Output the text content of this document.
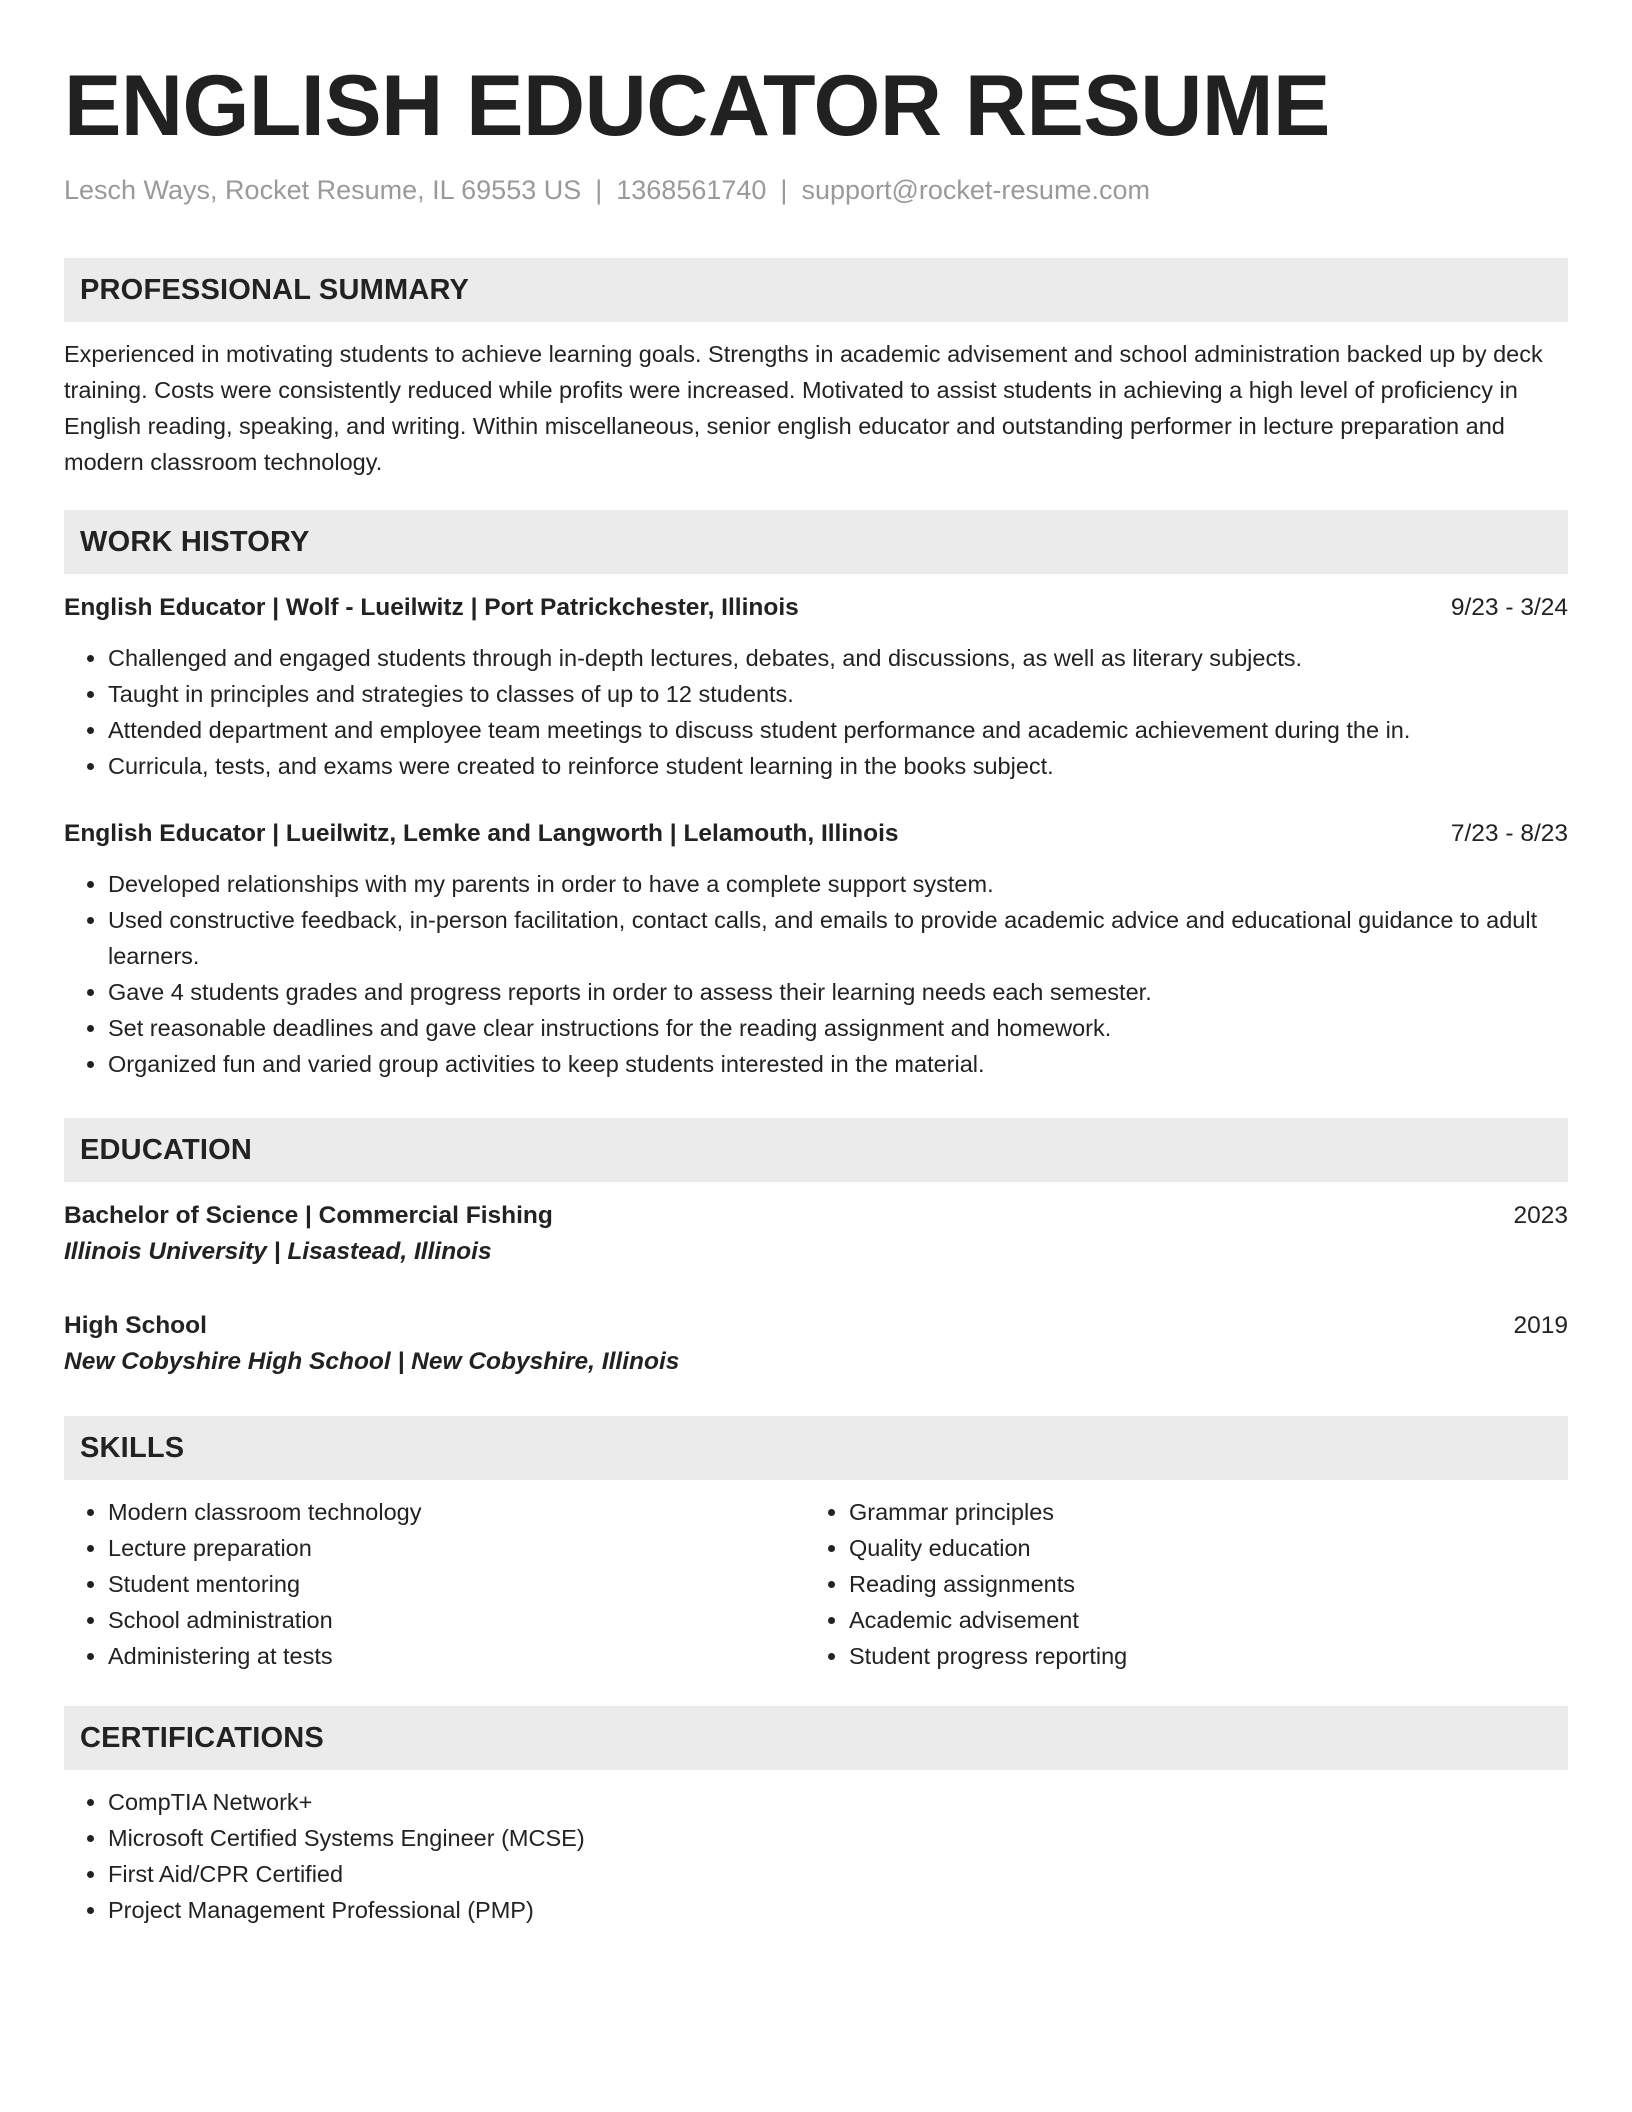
ENGLISH EDUCATOR RESUME
Lesch Ways, Rocket Resume, IL 69553 US | 1368561740 | support@rocket-resume.com
PROFESSIONAL SUMMARY

Experienced in motivating students to achieve learning goals. Strengths in academic advisement and school administration backed up by deck training. Costs were consistently reduced while profits were increased. Motivated to assist students in achieving a high level of proficiency in English reading, speaking, and writing. Within miscellaneous, senior english educator and outstanding performer in lecture preparation and modern classroom technology.

WORK HISTORY
English Educator | Wolf - Lueilwitz | Port Patrickchester, Illinois	9/23 - 3/24
• Challenged and engaged students through in-depth lectures, debates, and discussions, as well as literary subjects.
• Taught in principles and strategies to classes of up to 12 students.
• Attended department and employee team meetings to discuss student performance and academic achievement during the in.
• Curricula, tests, and exams were created to reinforce student learning in the books subject.
English Educator | Lueilwitz, Lemke and Langworth | Lelamouth, Illinois	7/23 - 8/23
• Developed relationships with my parents in order to have a complete support system.
• Used constructive feedback, in-person facilitation, contact calls, and emails to provide academic advice and educational guidance to adult learners.
• Gave 4 students grades and progress reports in order to assess their learning needs each semester.
• Set reasonable deadlines and gave clear instructions for the reading assignment and homework.
• Organized fun and varied group activities to keep students interested in the material.
EDUCATION
Bachelor of Science | Commercial Fishing	2023
Illinois University | Lisastead, Illinois
High School	2019
New Cobyshire High School | New Cobyshire, Illinois
SKILLS
• Modern classroom technology
• Lecture preparation
• Student mentoring
• School administration
• Administering at tests
• Grammar principles
• Quality education
• Reading assignments
• Academic advisement
• Student progress reporting
CERTIFICATIONS
• CompTIA Network+
• Microsoft Certified Systems Engineer (MCSE)
• First Aid/CPR Certified
• Project Management Professional (PMP)
